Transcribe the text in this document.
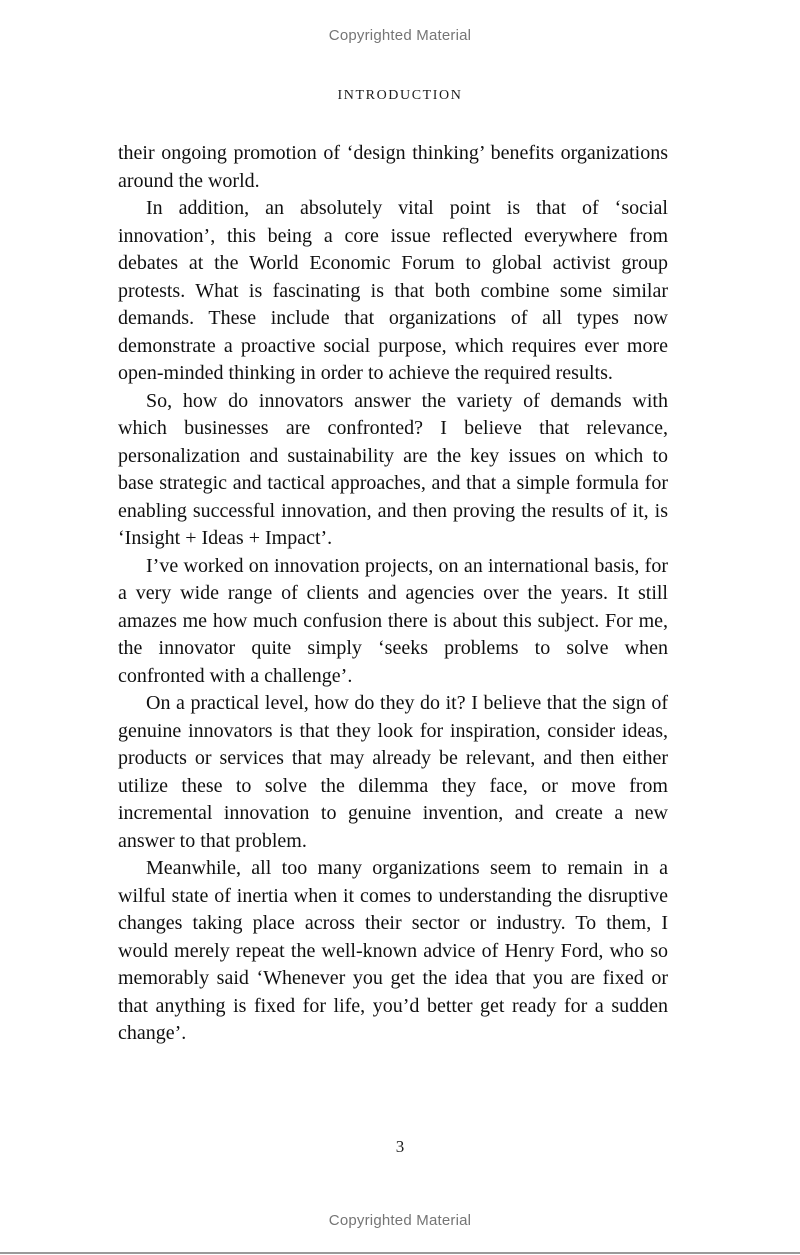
Copyrighted Material
INTRODUCTION

their ongoing promotion of ‘design thinking’ benefits organizations around the world.

In addition, an absolutely vital point is that of ‘social innovation’, this being a core issue reflected everywhere from debates at the World Economic Forum to global activist group protests. What is fascinating is that both combine some similar demands. These include that organizations of all types now demonstrate a proactive social purpose, which requires ever more open-minded thinking in order to achieve the required results.

So, how do innovators answer the variety of demands with which businesses are confronted? I believe that relevance, personalization and sustainability are the key issues on which to base strategic and tactical approaches, and that a simple formula for enabling successful innovation, and then proving the results of it, is ‘Insight + Ideas + Impact’.

I’ve worked on innovation projects, on an international basis, for a very wide range of clients and agencies over the years. It still amazes me how much confusion there is about this subject. For me, the innovator quite simply ‘seeks problems to solve when confronted with a challenge’.

On a practical level, how do they do it? I believe that the sign of genuine innovators is that they look for inspiration, consider ideas, products or services that may already be relevant, and then either utilize these to solve the dilemma they face, or move from incremental innovation to genuine invention, and create a new answer to that problem.

Meanwhile, all too many organizations seem to remain in a wilful state of inertia when it comes to understanding the disruptive changes taking place across their sector or industry. To them, I would merely repeat the well-known advice of Henry Ford, who so memorably said ‘Whenever you get the idea that you are fixed or that anything is fixed for life, you’d better get ready for a sudden change’.

3
Copyrighted Material
